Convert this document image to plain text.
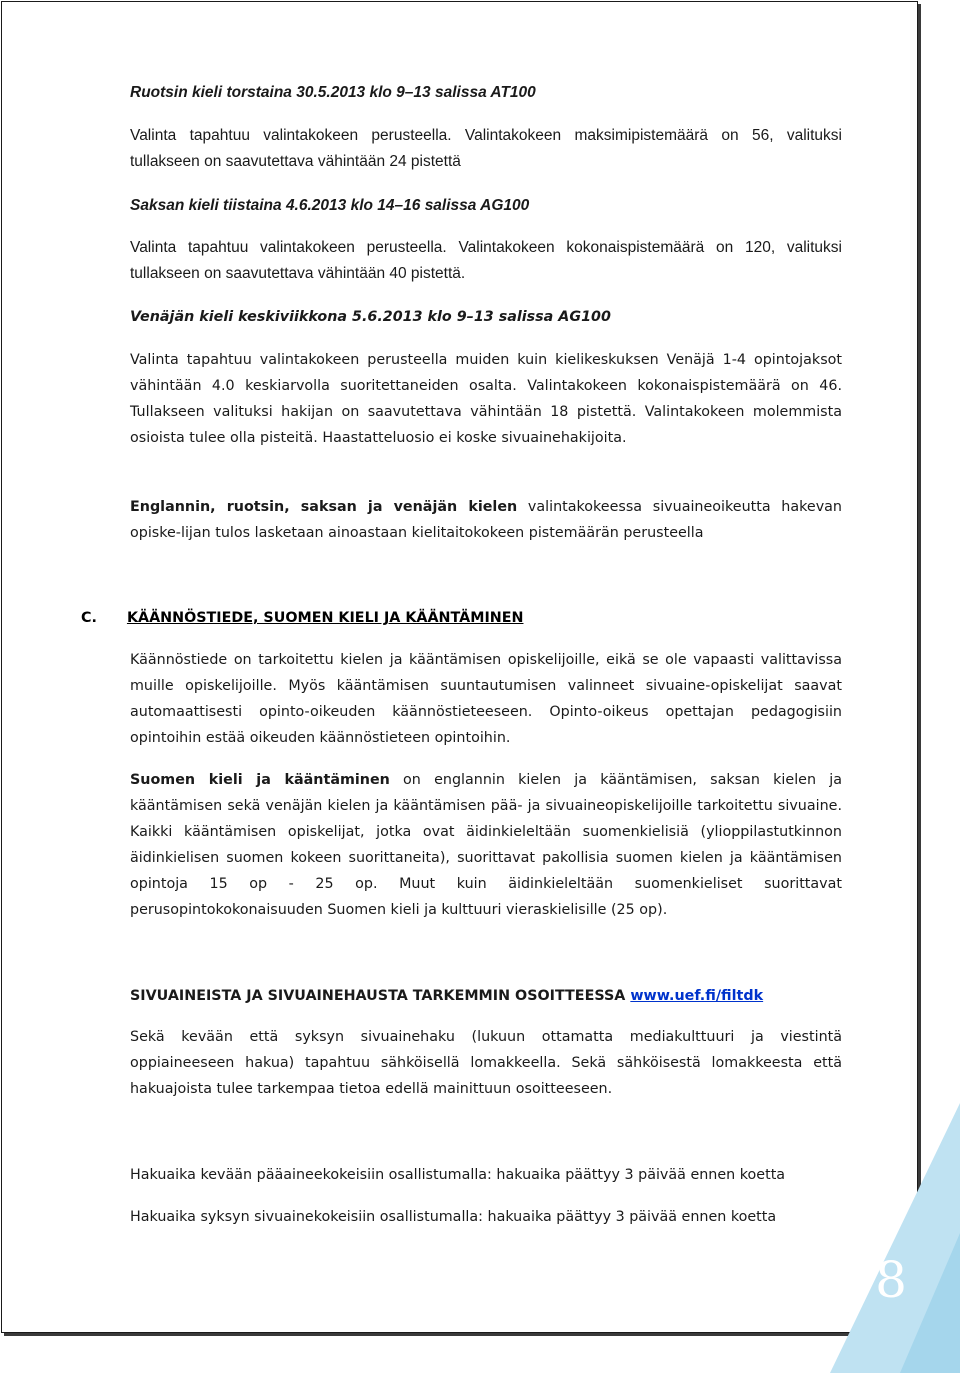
8
Ruotsin kieli torstaina 30.5.2013 klo 9–13 salissa AT100
Valinta tapahtuu valintakokeen perusteella. Valintakokeen maksimipistemäärä on 56, valituksi tullakseen on saavutettava vähintään 24 pistettä
Saksan kieli tiistaina 4.6.2013 klo 14–16 salissa AG100
Valinta tapahtuu valintakokeen perusteella. Valintakokeen kokonaispistemäärä on 120, valituksi tullakseen on saavutettava vähintään 40 pistettä.
Venäjän kieli keskiviikkona 5.6.2013 klo 9–13 salissa AG100
Valinta tapahtuu valintakokeen perusteella muiden kuin kielikeskuksen Venäjä 1-4 opintojaksot vähintään 4.0 keskiarvolla suoritettaneiden osalta. Valintakokeen kokonaispistemäärä on 46. Tullakseen valituksi hakijan on saavutettava vähintään 18 pistettä. Valintakokeen molemmista osioista tulee olla pisteitä. Haastatteluosio ei koske sivuainehakijoita.
Englannin, ruotsin, saksan ja venäjän kielen valintakokeessa sivuaineoikeutta hakevan opiske-lijan tulos lasketaan ainoastaan kielitaitokokeen pistemäärän perusteella
C. KÄÄNNÖSTIEDE, SUOMEN KIELI JA KÄÄNTÄMINEN
Käännöstiede on tarkoitettu kielen ja kääntämisen opiskelijoille, eikä se ole vapaasti valittavissa muille opiskelijoille. Myös kääntämisen suuntautumisen valinneet sivuaine-opiskelijat saavat automaattisesti opinto-oikeuden käännöstieteeseen. Opinto-oikeus opettajan pedagogisiin opintoihin estää oikeuden käännöstieteen opintoihin.
Suomen kieli ja kääntäminen on englannin kielen ja kääntämisen, saksan kielen ja kääntämisen sekä venäjän kielen ja kääntämisen pää- ja sivuaineopiskelijoille tarkoitettu sivuaine. Kaikki kääntämisen opiskelijat, jotka ovat äidinkieleltään suomenkielisiä (ylioppilastutkinnon äidinkielisen suomen kokeen suorittaneita), suorittavat pakollisia suomen kielen ja kääntämisen opintoja 15 op - 25 op. Muut kuin äidinkieleltään suomenkieliset suorittavat perusopintokokonaisuuden Suomen kieli ja kulttuuri vieraskielisille (25 op).
SIVUAINEISTA JA SIVUAINEHAUSTA TARKEMMIN OSOITTEESSA www.uef.fi/filtdk
Sekä kevään että syksyn sivuainehaku (lukuun ottamatta mediakulttuuri ja viestintä oppiaineeseen hakua) tapahtuu sähköisellä lomakkeella. Sekä sähköisestä lomakkeesta että hakuajoista tulee tarkempaa tietoa edellä mainittuun osoitteeseen.
Hakuaika kevään pääaineekokeisiin osallistumalla: hakuaika päättyy 3 päivää ennen koetta
Hakuaika syksyn sivuainekokeisiin osallistumalla: hakuaika päättyy 3 päivää ennen koetta
